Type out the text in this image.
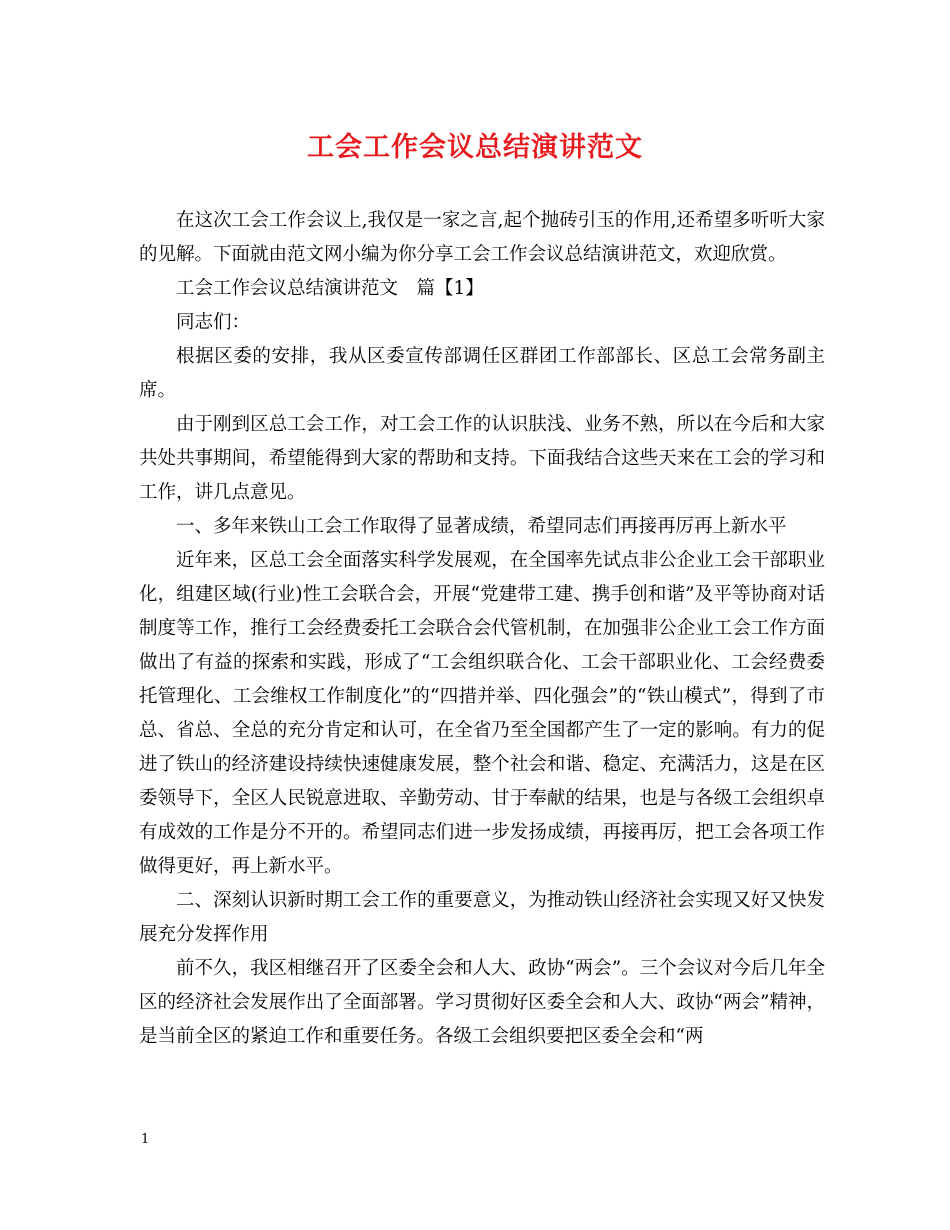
工会工作会议总结演讲范文

在这次工会工作会议上,我仅是一家之言,起个抛砖引玉的作用,还希望多听听大家的见解。下面就由范文网小编为你分享工会工作会议总结演讲范文，欢迎欣赏。

工会工作会议总结演讲范文　篇【1】

同志们：

根据区委的安排，我从区委宣传部调任区群团工作部部长、区总工会常务副主席。

由于刚到区总工会工作，对工会工作的认识肤浅、业务不熟，所以在今后和大家共处共事期间，希望能得到大家的帮助和支持。下面我结合这些天来在工会的学习和工作，讲几点意见。

一、多年来铁山工会工作取得了显著成绩，希望同志们再接再厉再上新水平

近年来，区总工会全面落实科学发展观，在全国率先试点非公企业工会干部职业化，组建区域(行业)性工会联合会，开展“党建带工建、携手创和谐”及平等协商对话制度等工作，推行工会经费委托工会联合会代管机制，在加强非公企业工会工作方面做出了有益的探索和实践，形成了“工会组织联合化、工会干部职业化、工会经费委托管理化、工会维权工作制度化”的“四措并举、四化强会”的“铁山模式”，得到了市总、省总、全总的充分肯定和认可，在全省乃至全国都产生了一定的影响。有力的促进了铁山的经济建设持续快速健康发展，整个社会和谐、稳定、充满活力，这是在区委领导下，全区人民锐意进取、辛勤劳动、甘于奉献的结果，也是与各级工会组织卓有成效的工作是分不开的。希望同志们进一步发扬成绩，再接再厉，把工会各项工作做得更好，再上新水平。

二、深刻认识新时期工会工作的重要意义，为推动铁山经济社会实现又好又快发展充分发挥作用

前不久，我区相继召开了区委全会和人大、政协“两会”。三个会议对今后几年全区的经济社会发展作出了全面部署。学习贯彻好区委全会和人大、政协“两会”精神，是当前全区的紧迫工作和重要任务。各级工会组织要把区委全会和“两

1
